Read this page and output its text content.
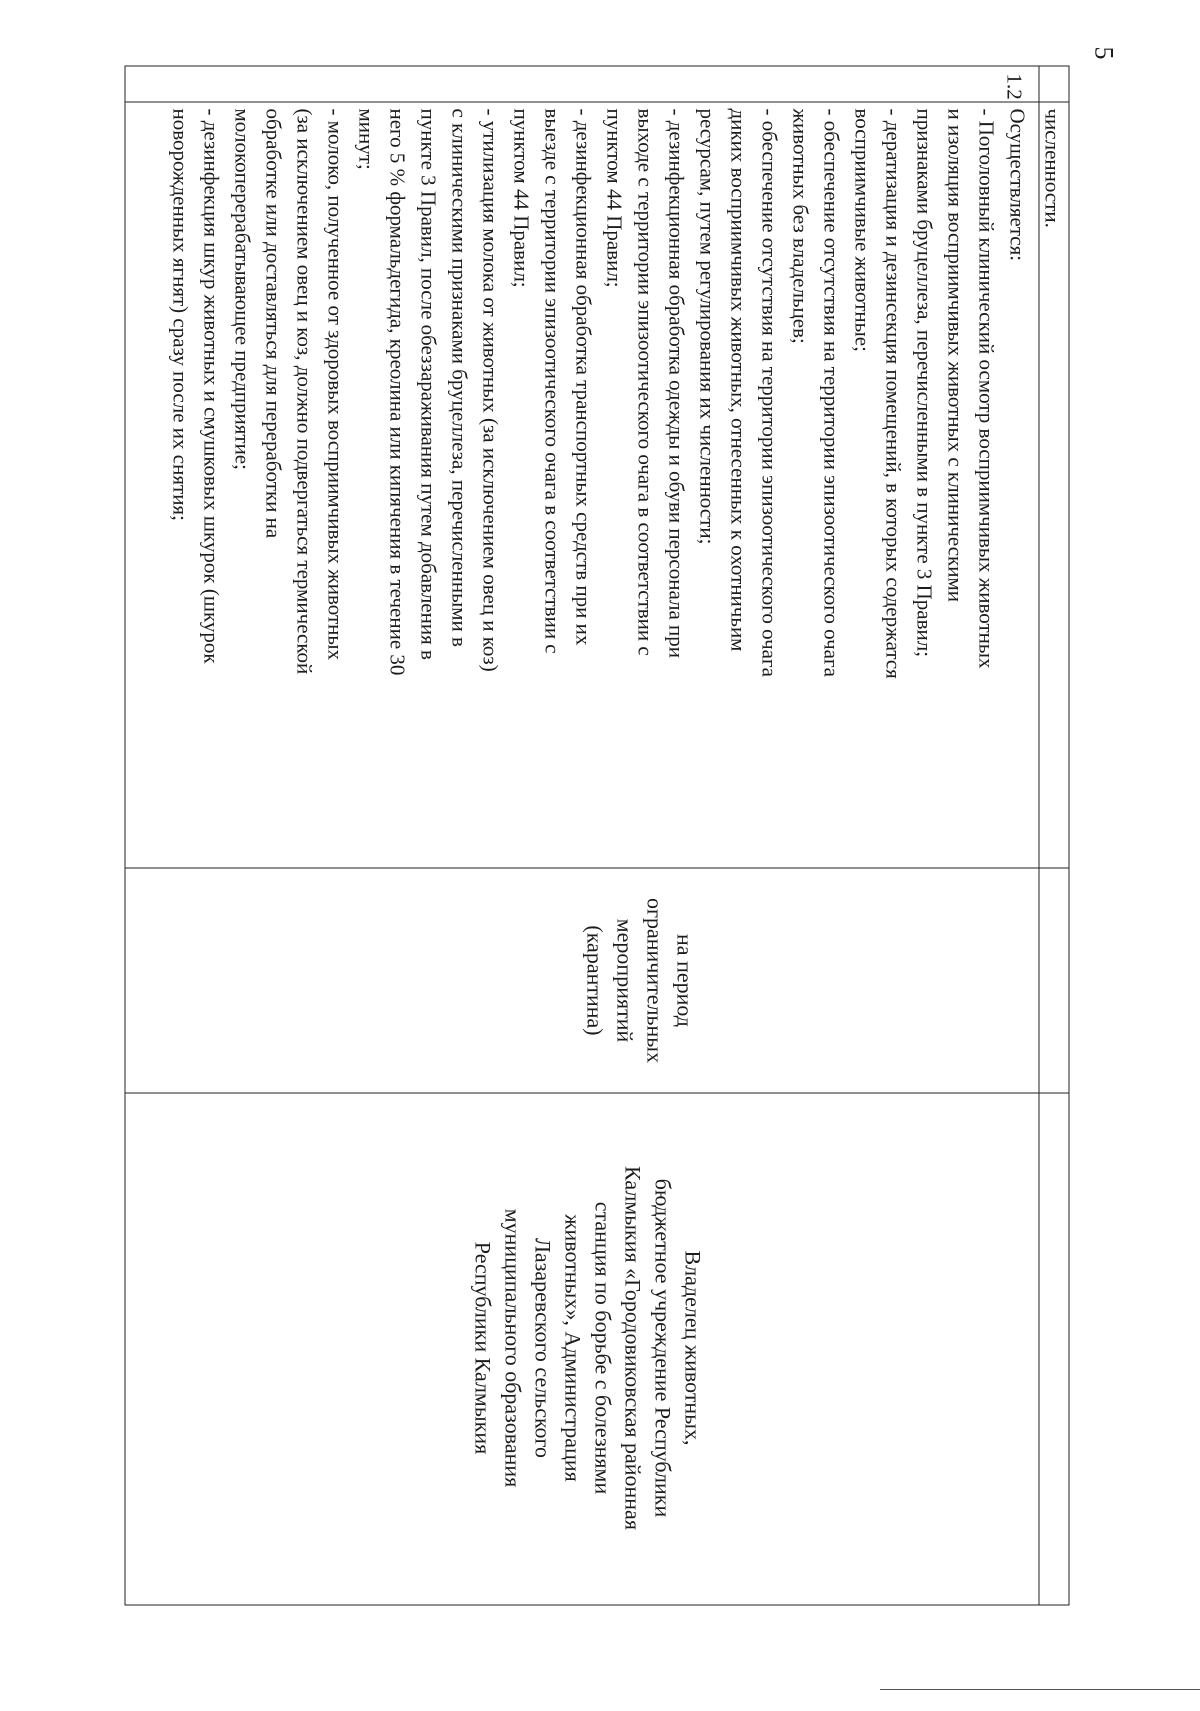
5
численности.
1.2
Осуществляется:
- Поголовный клинический осмотр восприимчивых животных
и изоляция восприимчивых животных с клиническими
признаками бруцеллеза, перечисленными в пункте 3 Правил;
- дератизация и дезинсекция помещений, в которых содержатся
восприимчивые животные;
- обеспечение отсутствия на территории эпизоотического очага
животных без владельцев;
- обеспечение отсутствия на территории эпизоотического очага
диких восприимчивых животных, отнесенных к охотничьим
ресурсам, путем регулирования их численности;
- дезинфекционная обработка одежды и обуви персонала при
выходе с территории эпизоотического очага в соответствии с
пунктом 44 Правил;
- дезинфекционная обработка транспортных средств при их
выезде с территории эпизоотического очага в соответствии с
пунктом 44 Правил;
- утилизация молока от животных (за исключением овец и коз)
с клиническими признаками бруцеллеза, перечисленными в
пункте 3 Правил, после обеззараживания путем добавления в
него 5 % формальдегида, креолина или кипячения в течение 30
минут;
- молоко, полученное от здоровых восприимчивых животных
(за исключением овец и коз, должно подвергаться термической
обработке или доставляться для переработки на
молокоперерабатывающее предприятие;
- дезинфекция шкур животных и смушковых шкурок (шкурок
новорожденных ягнят) сразу после их снятия;
на период
ограничительных
мероприятий
(карантина)
Владелец животных,
бюджетное учреждение Республики
Калмыкия «Городовиковская районная
станция по борьбе с болезнями
животных», Администрация
Лазаревского сельского
муниципального образования
Республики Калмыкия
